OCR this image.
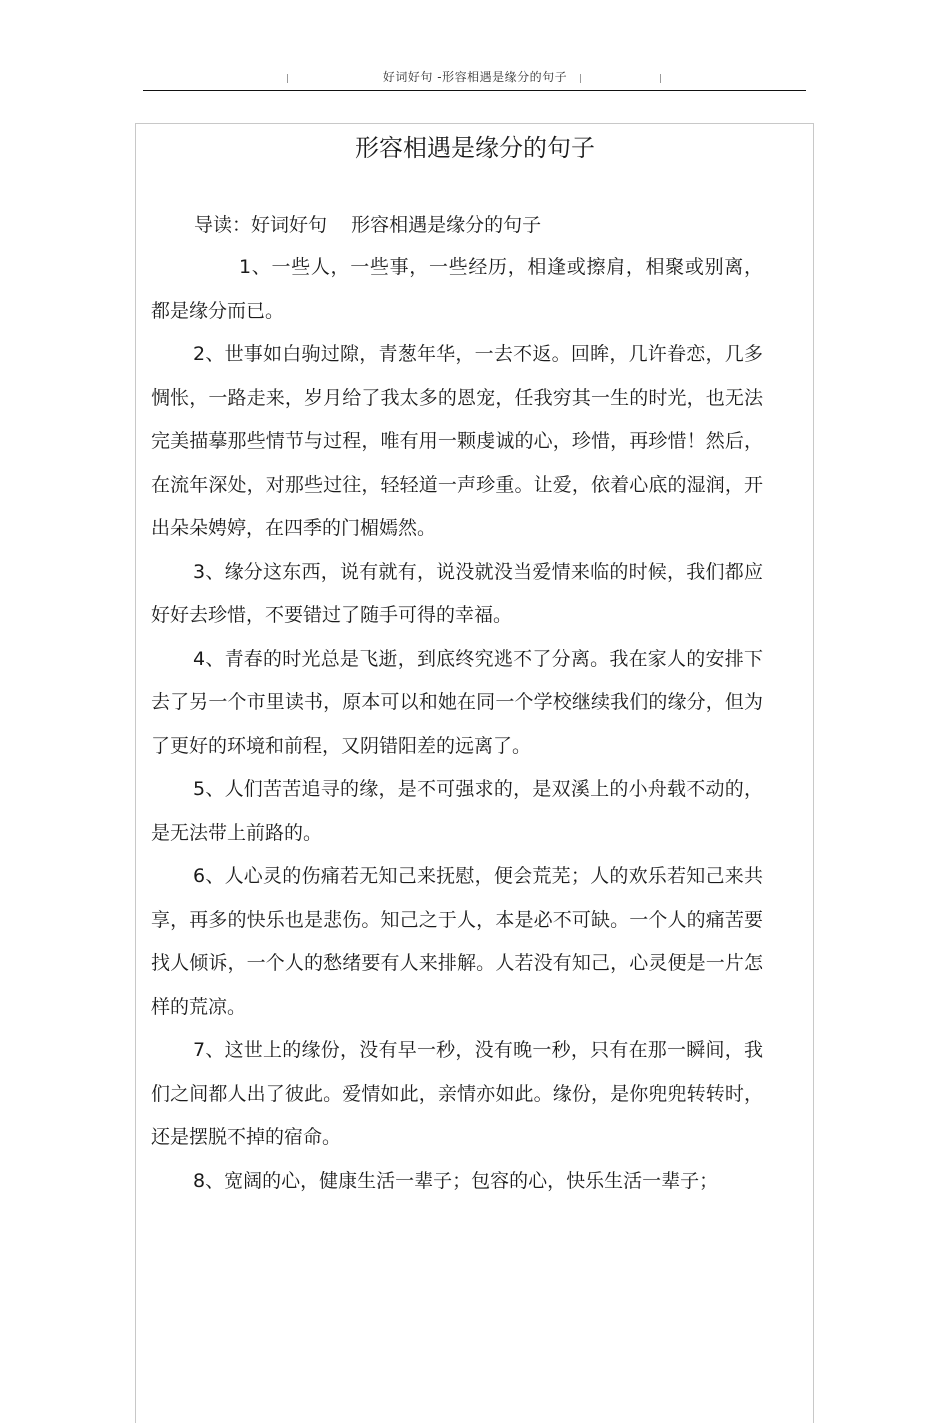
好词好句 -形容相遇是缘分的句子
形容相遇是缘分的句子
导读：好词好句    形容相遇是缘分的句子

1、一些人，一些事，一些经历，相逢或擦肩，相聚或别离，都是缘分而已。

2、世事如白驹过隙，青葱年华，一去不返。回眸，几许眷恋，几多惆怅，一路走来，岁月给了我太多的恩宠，任我穷其一生的时光，也无法完美描摹那些情节与过程，唯有用一颗虔诚的心，珍惜，再珍惜！然后，在流年深处，对那些过往，轻轻道一声珍重。让爱，依着心底的湿润，开出朵朵娉婷，在四季的门楣嫣然。

3、缘分这东西，说有就有，说没就没当爱情来临的时候，我们都应好好去珍惜，不要错过了随手可得的幸福。

4、青春的时光总是飞逝，到底终究逃不了分离。我在家人的安排下去了另一个市里读书，原本可以和她在同一个学校继续我们的缘分，但为了更好的环境和前程，又阴错阳差的远离了。

5、人们苦苦追寻的缘，是不可强求的，是双溪上的小舟载不动的，是无法带上前路的。

6、人心灵的伤痛若无知己来抚慰，便会荒芜；人的欢乐若知己来共享，再多的快乐也是悲伤。知己之于人，本是必不可缺。一个人的痛苦要找人倾诉，一个人的愁绪要有人来排解。人若没有知己，心灵便是一片怎样的荒凉。

7、这世上的缘份，没有早一秒，没有晚一秒，只有在那一瞬间，我们之间都人出了彼此。爱情如此，亲情亦如此。缘份，是你兜兜转转时，还是摆脱不掉的宿命。

8、宽阔的心，健康生活一辈子；包容的心，快乐生活一辈子；
